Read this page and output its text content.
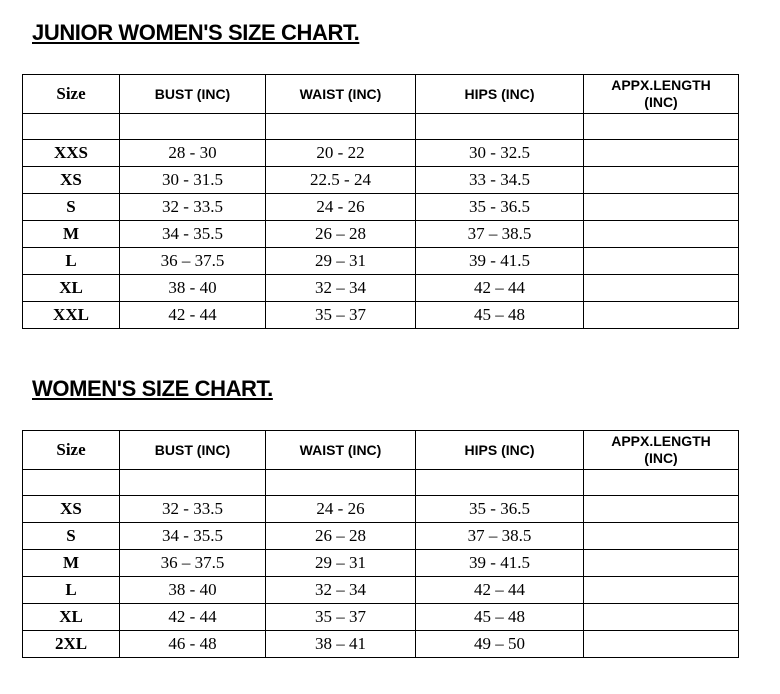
JUNIOR WOMEN'S SIZE CHART.
Size	BUST (INC)	WAIST (INC)	HIPS (INC)	APPX.LENGTH
(INC)

XXS	28 - 30	20 - 22	30 - 32.5	
XS	30 - 31.5	22.5 - 24	33 - 34.5	
S	32 - 33.5	24 - 26	35 - 36.5	
M	34 - 35.5	26 – 28	37 – 38.5	
L	36 – 37.5	29 – 31	39 - 41.5	
XL	38 - 40	32 – 34	42 – 44	
XXL	42 - 44	35 – 37	45 – 48	
WOMEN'S SIZE CHART.
Size	BUST (INC)	WAIST (INC)	HIPS (INC)	APPX.LENGTH
(INC)

XS	32 - 33.5	24 - 26	35 - 36.5	
S	34 - 35.5	26 – 28	37 – 38.5	
M	36 – 37.5	29 – 31	39 - 41.5	
L	38 - 40	32 – 34	42 – 44	
XL	42 - 44	35 – 37	45 – 48	
2XL	46 - 48	38 – 41	49 – 50	
